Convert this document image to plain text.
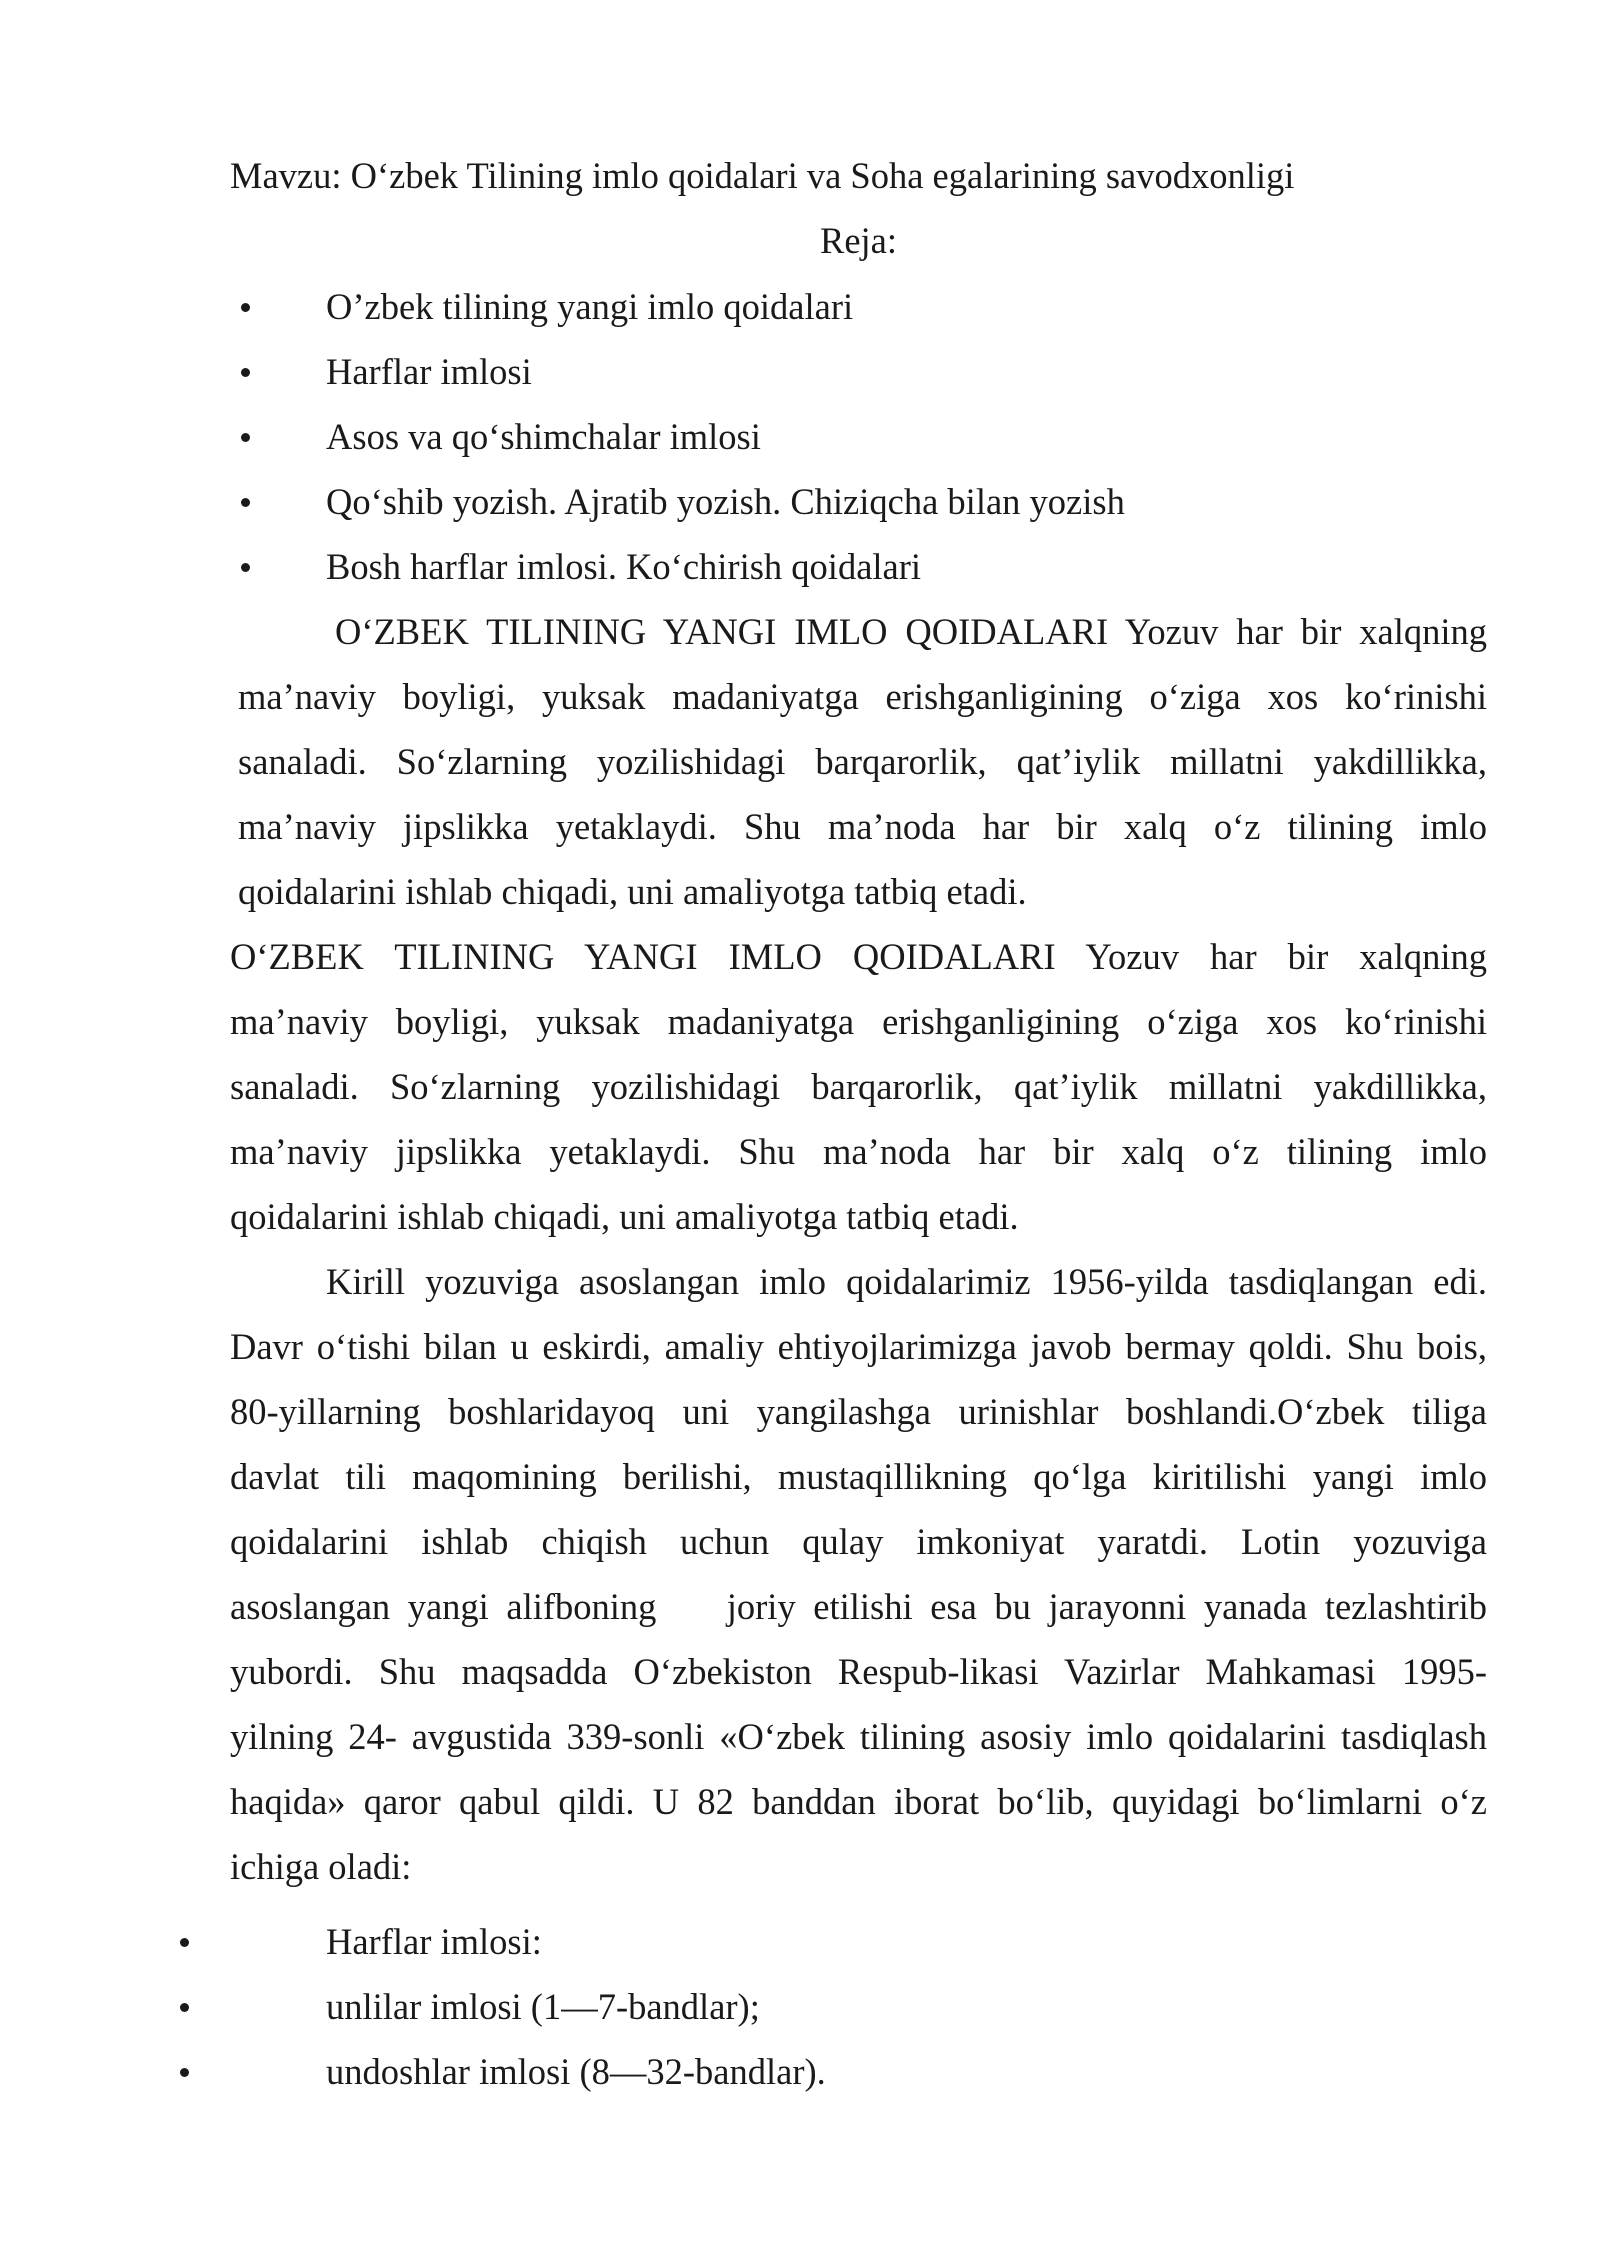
Mavzu: O‘zbek Tilining imlo qoidalari va Soha egalarining savodxonligi
Reja:
O’zbek tilining yangi imlo qoidalari
Harflar imlosi
Asos va qo‘shimchalar imlosi
Qo‘shib yozish. Ajratib yozish. Chiziqcha bilan yozish
Bosh harflar imlosi. Ko‘chirish qoidalari
O‘ZBEK TILINING YANGI IMLO QOIDALARI Yozuv har bir xalqning
ma’naviy boyligi, yuksak madaniyatga erishganligining o‘ziga xos ko‘rinishi
sanaladi. So‘zlarning yozilishidagi barqarorlik, qat’iylik millatni yakdillikka,
ma’naviy jipslikka yetaklaydi. Shu ma’noda har bir xalq o‘z tilining imlo
qoidalarini ishlab chiqadi, uni amaliyotga tatbiq etadi.
O‘ZBEK TILINING YANGI IMLO QOIDALARI Yozuv har bir xalqning
ma’naviy boyligi, yuksak madaniyatga erishganligining o‘ziga xos ko‘rinishi
sanaladi. So‘zlarning yozilishidagi barqarorlik, qat’iylik millatni yakdillikka,
ma’naviy jipslikka yetaklaydi. Shu ma’noda har bir xalq o‘z tilining imlo
qoidalarini ishlab chiqadi, uni amaliyotga tatbiq etadi.
Kirill yozuviga asoslangan imlo qoidalarimiz 1956-yilda tasdiqlangan edi.
Davr o‘tishi bilan u eskirdi, amaliy ehtiyojlarimizga javob bermay qoldi. Shu bois,
80-yillarning boshlaridayoq uni yangilashga urinishlar boshlandi.O‘zbek tiliga
davlat tili maqomining berilishi, mustaqillikning qo‘lga kiritilishi yangi imlo
qoidalarini ishlab chiqish uchun qulay imkoniyat yaratdi. Lotin yozuviga
asoslangan yangi alifboning    joriy etilishi esa bu jarayonni yanada tezlashtirib
yubordi. Shu maqsadda O‘zbekiston Respub-likasi Vazirlar Mahkamasi 1995-
yilning 24- avgustida 339-sonli «O‘zbek tilining asosiy imlo qoidalarini tasdiqlash
haqida» qaror qabul qildi. U 82 banddan iborat bo‘lib, quyidagi bo‘limlarni o‘z
ichiga oladi:
Harflar imlosi:
unlilar imlosi (1—7-bandlar);
undoshlar imlosi (8—32-bandlar).
